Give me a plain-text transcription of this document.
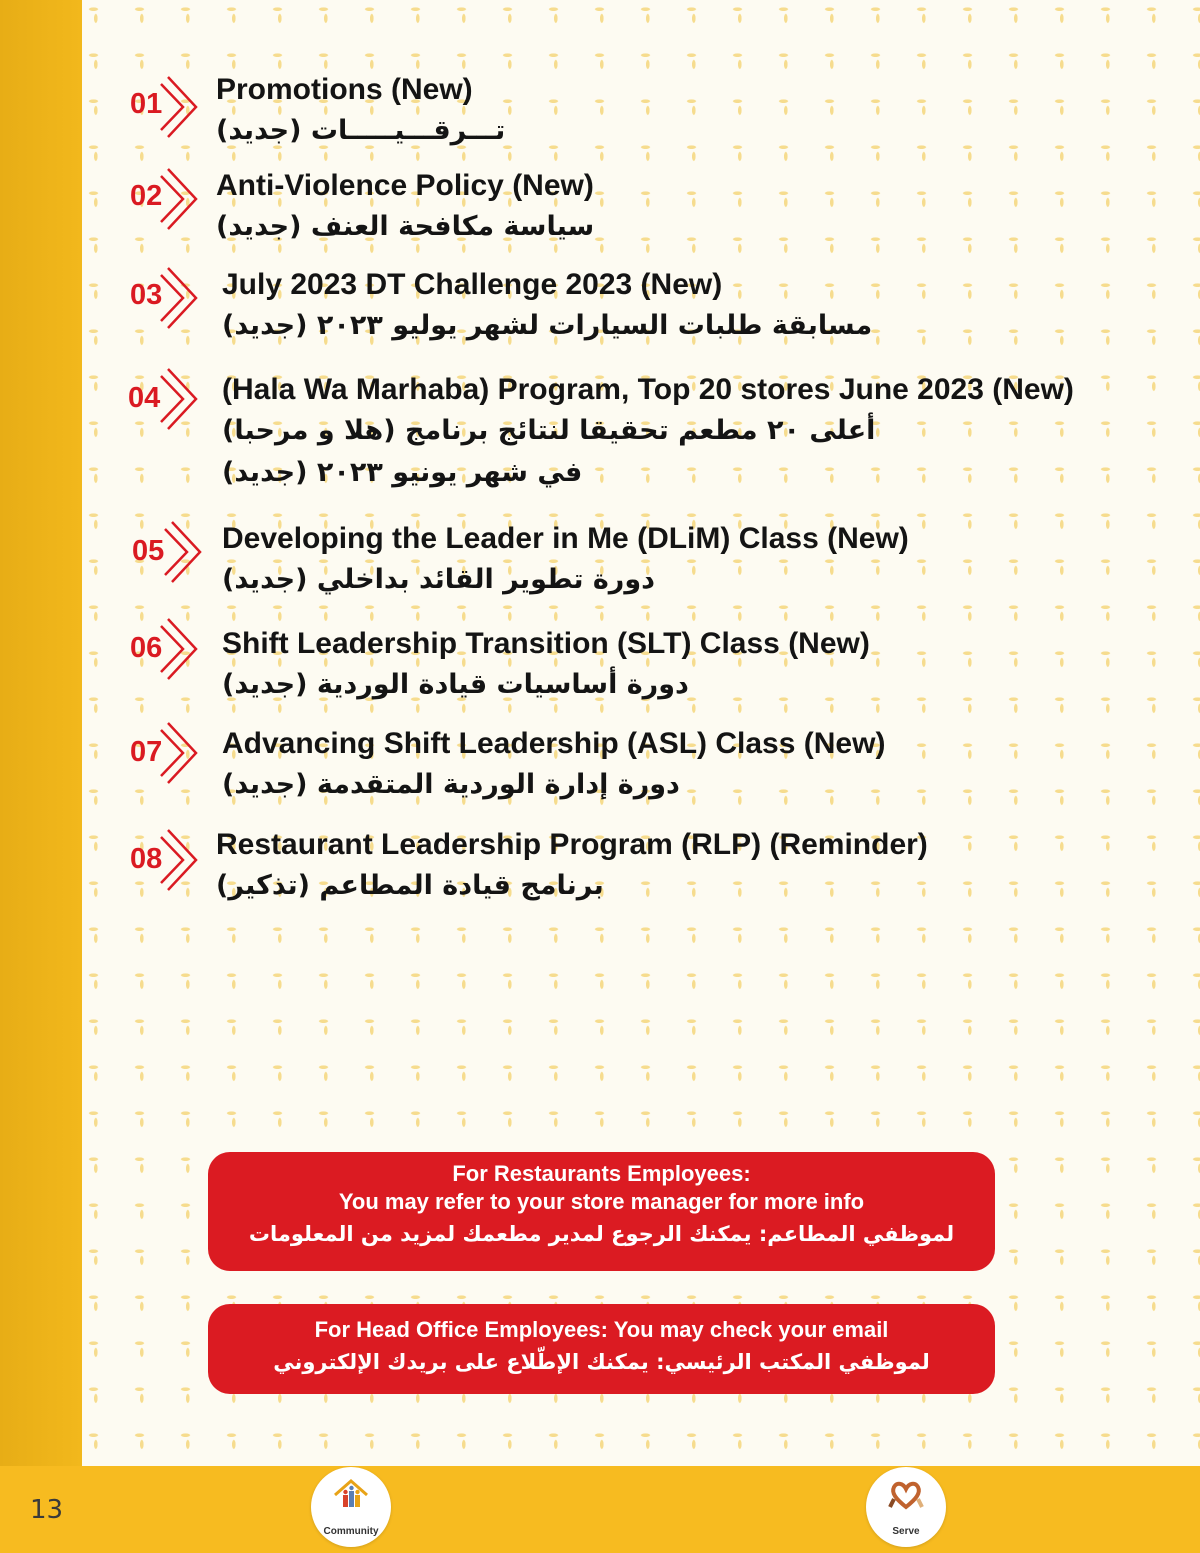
01	Promotions (New)
تـــرقـــيـــــات (جديد)
02	Anti-Violence Policy (New)
سياسة مكافحة العنف (جديد)
03	July 2023 DT Challenge 2023 (New)
مسابقة طلبات السيارات لشهر يوليو ٢٠٢٣ (جديد)
04	(Hala Wa Marhaba) Program, Top 20 stores June 2023 (New)
أعلى ٢٠ مطعم تحقيقا لنتائج برنامج (هلا و مرحبا)
في شهر يونيو ٢٠٢٣ (جديد)
05	Developing the Leader in Me (DLiM) Class (New)
دورة تطوير القائد بداخلي (جديد)
06	Shift Leadership Transition (SLT) Class (New)
دورة أساسيات قيادة الوردية (جديد)
07	Advancing Shift Leadership (ASL) Class (New)
دورة إدارة الوردية المتقدمة (جديد)
08	Restaurant Leadership Program (RLP) (Reminder)
برنامج قيادة المطاعم (تذكير)
For Restaurants Employees:
You may refer to your store manager for more info
لموظفي المطاعم: يمكنك الرجوع لمدير مطعمك لمزيد من المعلومات
For Head Office Employees: You may check your email
لموظفي المكتب الرئيسي: يمكنك الإطّلاع على بريدك الإلكتروني
13
Community	Serve
